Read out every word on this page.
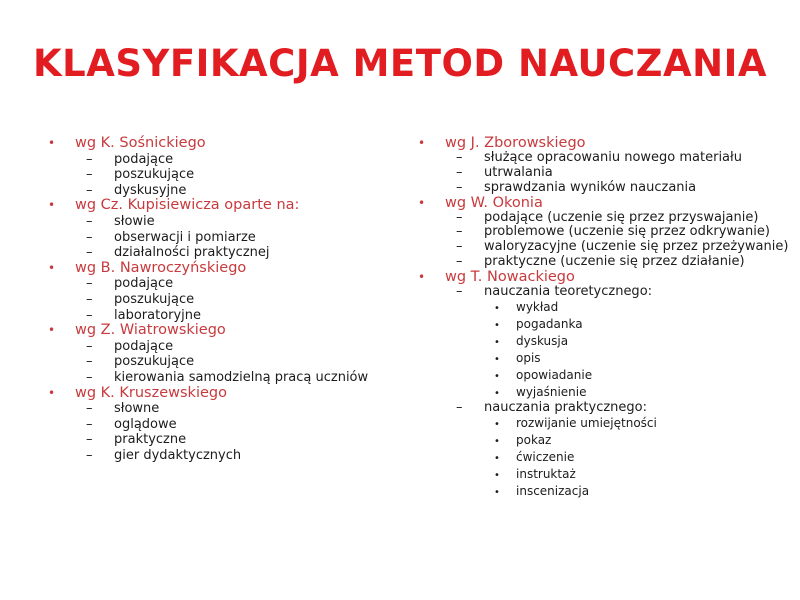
KLASYFIKACJA METOD NAUCZANIA
•	wg K. Sośnickiego
–	podające
–	poszukujące
–	dyskusyjne
•	wg Cz. Kupisiewicza oparte na:
–	słowie
–	obserwacji i pomiarze
–	działalności praktycznej
•	wg B. Nawroczyńskiego
–	podające
–	poszukujące
–	laboratoryjne
•	wg Z. Wiatrowskiego
–	podające
–	poszukujące
–	kierowania samodzielną pracą uczniów
•	wg K. Kruszewskiego
–	słowne
–	oglądowe
–	praktyczne
–	gier dydaktycznych
•	wg J. Zborowskiego
–	służące opracowaniu nowego materiału
–	utrwalania
–	sprawdzania wyników nauczania
•	wg W. Okonia
–	podające (uczenie się przez przyswajanie)
–	problemowe (uczenie się przez odkrywanie)
–	waloryzacyjne (uczenie się przez przeżywanie)
–	praktyczne (uczenie się przez działanie)
•	wg T. Nowackiego
–	nauczania teoretycznego:
•	wykład
•	pogadanka
•	dyskusja
•	opis
•	opowiadanie
•	wyjaśnienie
–	nauczania praktycznego:
•	rozwijanie umiejętności
•	pokaz
•	ćwiczenie
•	instruktaż
•	inscenizacja
